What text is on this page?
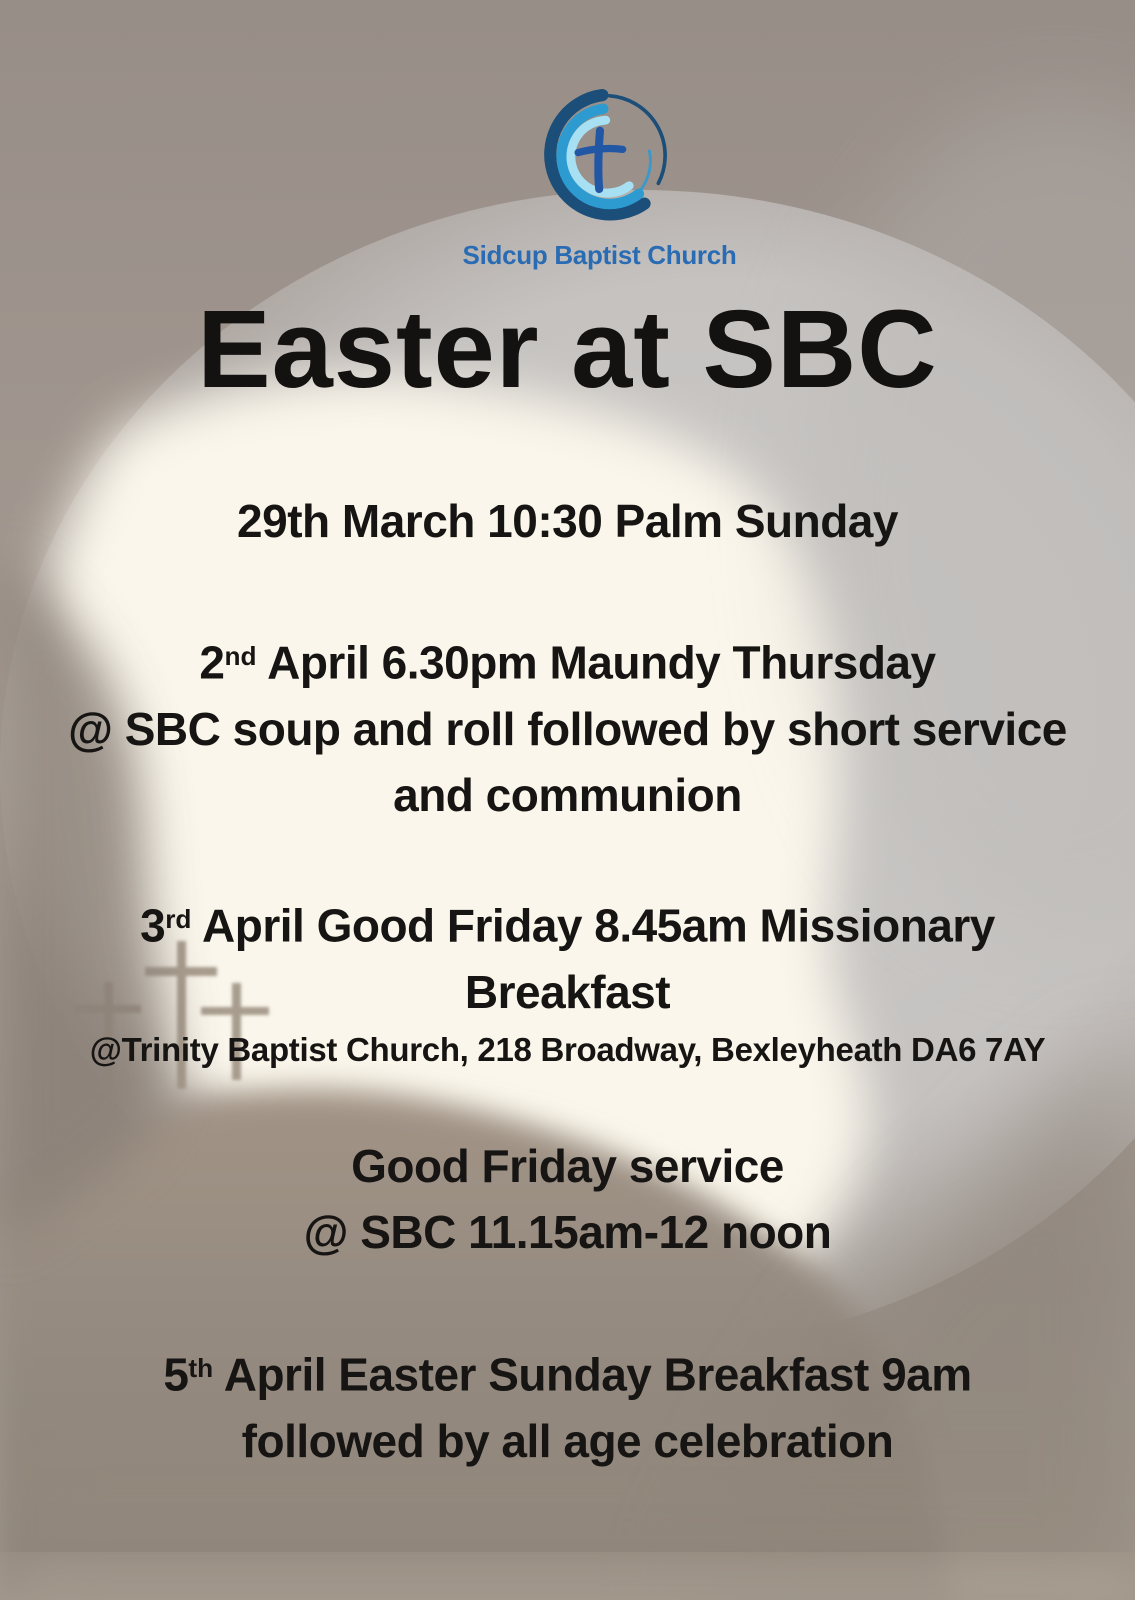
Sidcup Baptist Church
Easter at SBC
29th March 10:30 Palm Sunday
2nd April 6.30pm Maundy Thursday
@ SBC soup and roll followed by short service
and communion
3rd April Good Friday 8.45am Missionary
Breakfast
@Trinity Baptist Church, 218 Broadway, Bexleyheath DA6 7AY
Good Friday service
@ SBC 11.15am-12 noon
5th April Easter Sunday Breakfast 9am
followed by all age celebration
